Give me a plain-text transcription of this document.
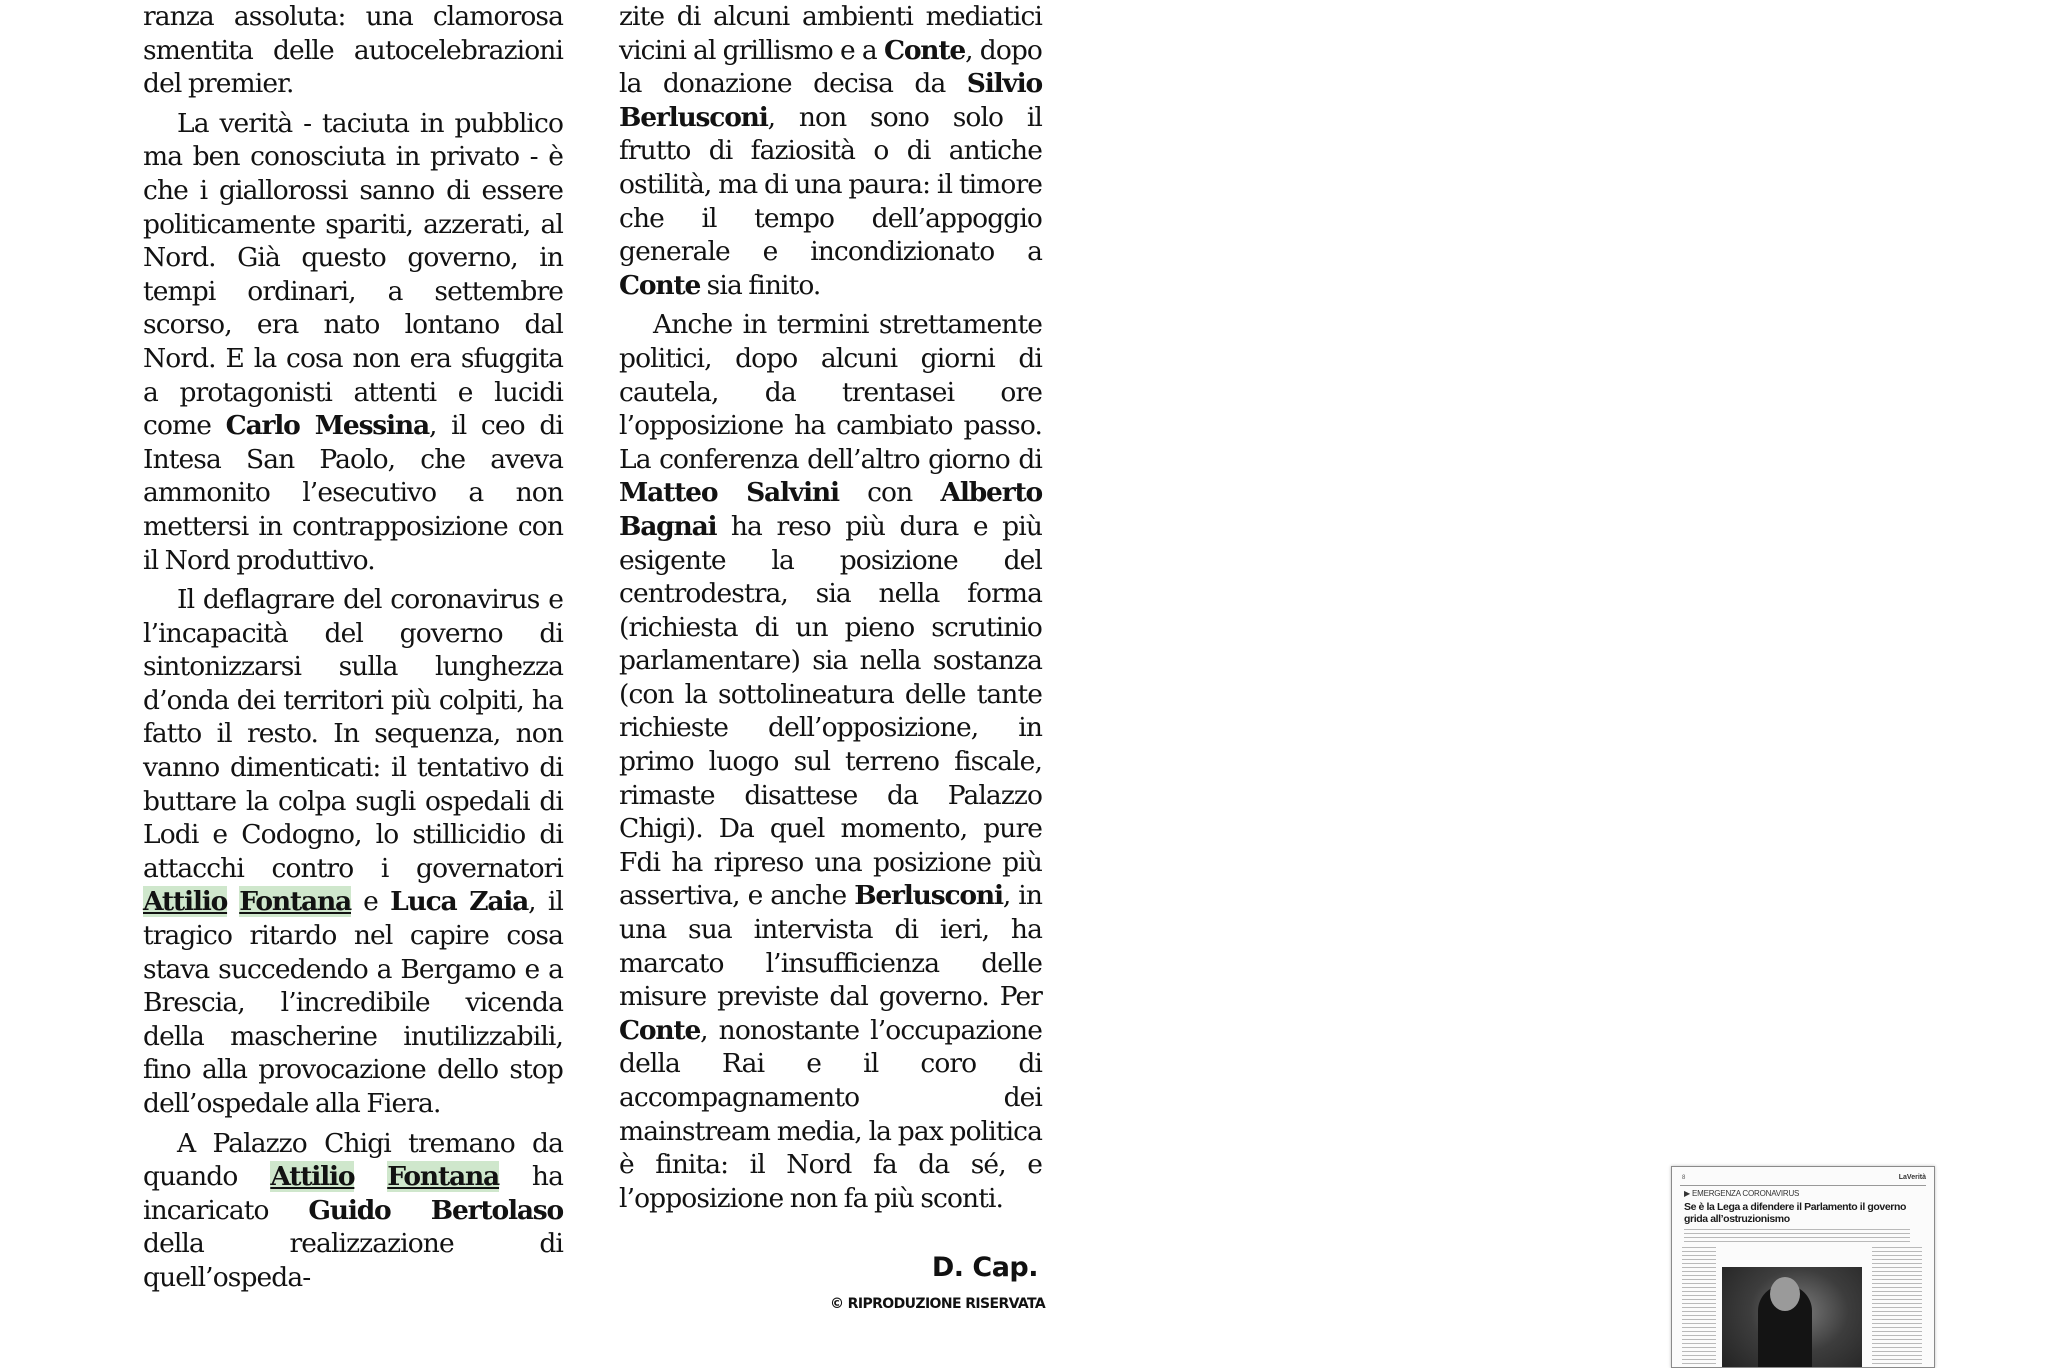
ranza assoluta: una clamorosa smentita delle autocelebrazioni del premier.

La verità - taciuta in pubblico ma ben conosciuta in privato - è che i giallorossi sanno di essere politicamente spariti, azzerati, al Nord. Già questo governo, in tempi ordinari, a settembre scorso, era nato lontano dal Nord. E la cosa non era sfuggita a protagonisti attenti e lucidi come Carlo Messina, il ceo di Intesa San Paolo, che aveva ammonito l’esecutivo a non mettersi in contrapposizione con il Nord produttivo.

Il deflagrare del coronavirus e l’incapacità del governo di sintonizzarsi sulla lunghezza d’onda dei territori più colpiti, ha fatto il resto. In sequenza, non vanno dimenticati: il tentativo di buttare la colpa sugli ospedali di Lodi e Codogno, lo stillicidio di attacchi contro i governatori Attilio Fontana e Luca Zaia, il tragico ritardo nel capire cosa stava succedendo a Bergamo e a Brescia, l’incredibile vicenda della mascherine inutilizzabili, fino alla provocazione dello stop dell’ospedale alla Fiera.

A Palazzo Chigi tremano da quando Attilio Fontana ha incaricato Guido Bertolaso della realizzazione di quell’ospeda-

zite di alcuni ambienti mediatici vicini al grillismo e a Conte, dopo la donazione decisa da Silvio Berlusconi, non sono solo il frutto di faziosità o di antiche ostilità, ma di una paura: il timore che il tempo dell’appoggio generale e incondizionato a Conte sia finito.

Anche in termini strettamente politici, dopo alcuni giorni di cautela, da trentasei ore l’opposizione ha cambiato passo. La conferenza dell’altro giorno di Matteo Salvini con Alberto Bagnai ha reso più dura e più esigente la posizione del centrodestra, sia nella forma (richiesta di un pieno scrutinio parlamentare) sia nella sostanza (con la sottolineatura delle tante richieste dell’opposizione, in primo luogo sul terreno fiscale, rimaste disattese da Palazzo Chigi). Da quel momento, pure Fdi ha ripreso una posizione più assertiva, e anche Berlusconi, in una sua intervista di ieri, ha marcato l’insufficienza delle misure previste dal governo. Per Conte, nonostante l’occupazione della Rai e il coro di accompagnamento dei mainstream media, la pax politica è finita: il Nord fa da sé, e l’opposizione non fa più sconti.

D. Cap.
© RIPRODUZIONE RISERVATA
8	LaVerità
▶ EMERGENZA CORONAVIRUS
Se è la Lega a difendere il Parlamento il governo grida all’ostruzionismo
